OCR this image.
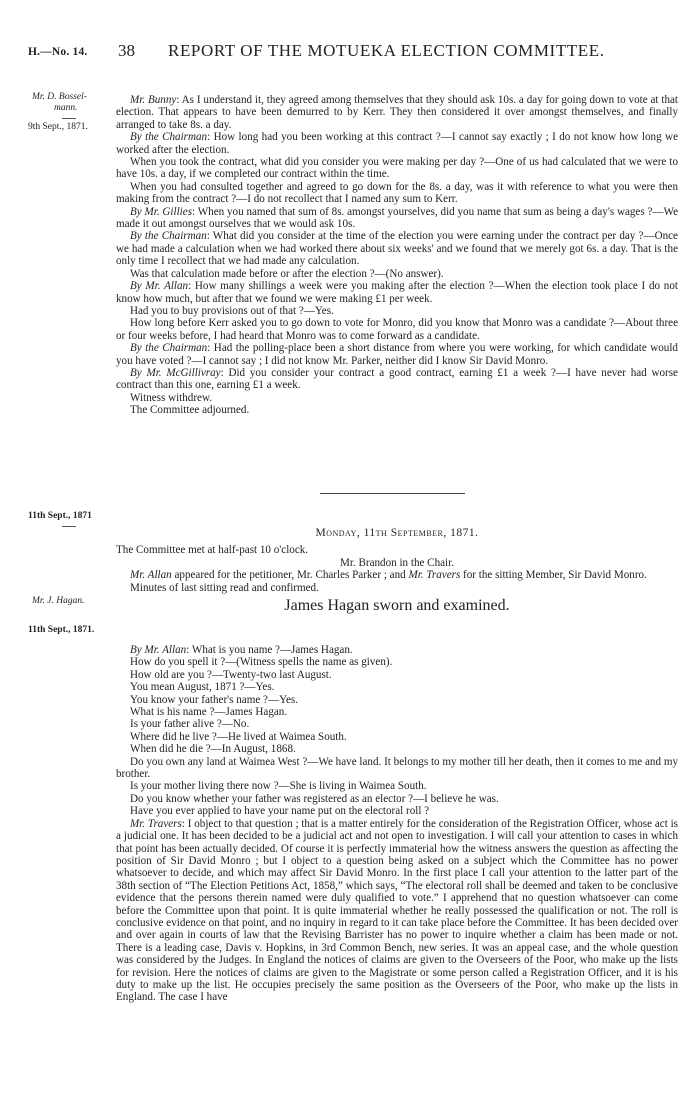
H.—No. 14. 38 REPORT OF THE MOTUEKA ELECTION COMMITTEE.
Mr. D. Bossel-
mann.
9th Sept., 1871.
11th Sept., 1871
Mr. J. Hagan.
11th Sept., 1871.

Mr. Bunny: As I understand it, they agreed among themselves that they should ask 10s. a day for going down to vote at that election. That appears to have been demurred to by Kerr. They then considered it over amongst themselves, and finally arranged to take 8s. a day.

By the Chairman: How long had you been working at this contract ?—I cannot say exactly ; I do not know how long we worked after the election.

When you took the contract, what did you consider you were making per day ?—One of us had calculated that we were to have 10s. a day, if we completed our contract within the time.

When you had consulted together and agreed to go down for the 8s. a day, was it with reference to what you were then making from the contract ?—I do not recollect that I named any sum to Kerr.

By Mr. Gillies: When you named that sum of 8s. amongst yourselves, did you name that sum as being a day's wages ?—We made it out amongst ourselves that we would ask 10s.

By the Chairman: What did you consider at the time of the election you were earning under the contract per day ?—Once we had made a calculation when we had worked there about six weeks' and we found that we merely got 6s. a day. That is the only time I recollect that we had made any calculation.

Was that calculation made before or after the election ?—(No answer).

By Mr. Allan: How many shillings a week were you making after the election ?—When the election took place I do not know how much, but after that we found we were making £1 per week.

Had you to buy provisions out of that ?—Yes.

How long before Kerr asked you to go down to vote for Monro, did you know that Monro was a candidate ?—About three or four weeks before, I had heard that Monro was to come forward as a candidate.

By the Chairman: Had the polling-place been a short distance from where you were working, for which candidate would you have voted ?—I cannot say ; I did not know Mr. Parker, neither did I know Sir David Monro.

By Mr. McGillivray: Did you consider your contract a good contract, earning £1 a week ?—I have never had worse contract than this one, earning £1 a week.

Witness withdrew.

The Committee adjourned.

Monday, 11th September, 1871.

The Committee met at half-past 10 o'clock.

Mr. Brandon in the Chair.

Mr. Allan appeared for the petitioner, Mr. Charles Parker ; and Mr. Travers for the sitting Member, Sir David Monro.

Minutes of last sitting read and confirmed.

James Hagan sworn and examined.

By Mr. Allan: What is you name ?—James Hagan.

How do you spell it ?—(Witness spells the name as given).

How old are you ?—Twenty-two last August.

You mean August, 1871 ?—Yes.

You know your father's name ?—Yes.

What is his name ?—James Hagan.

Is your father alive ?—No.

Where did he live ?—He lived at Waimea South.

When did he die ?—In August, 1868.

Do you own any land at Waimea West ?—We have land. It belongs to my mother till her death, then it comes to me and my brother.

Is your mother living there now ?—She is living in Waimea South.

Do you know whether your father was registered as an elector ?—I believe he was.

Have you ever applied to have your name put on the electoral roll ?

Mr. Travers: I object to that question ; that is a matter entirely for the consideration of the Registration Officer, whose act is a judicial one. It has been decided to be a judicial act and not open to investigation. I will call your attention to cases in which that point has been actually decided. Of course it is perfectly immaterial how the witness answers the question as affecting the position of Sir David Monro ; but I object to a question being asked on a subject which the Committee has no power whatsoever to decide, and which may affect Sir David Monro. In the first place I call your attention to the latter part of the 38th section of “The Election Petitions Act, 1858,” which says, “The electoral roll shall be deemed and taken to be conclusive evidence that the persons therein named were duly qualified to vote.” I apprehend that no question whatsoever can come before the Committee upon that point. It is quite immaterial whether he really possessed the qualification or not. The roll is conclusive evidence on that point, and no inquiry in regard to it can take place before the Committee. It has been decided over and over again in courts of law that the Revising Barrister has no power to inquire whether a claim has been made or not. There is a leading case, Davis v. Hopkins, in 3rd Common Bench, new series. It was an appeal case, and the whole question was considered by the Judges. In England the notices of claims are given to the Overseers of the Poor, who make up the lists for revision. Here the notices of claims are given to the Magistrate or some person called a Registration Officer, and it is his duty to make up the list. He occupies precisely the same position as the Overseers of the Poor, who make up the lists in England. The case I have
